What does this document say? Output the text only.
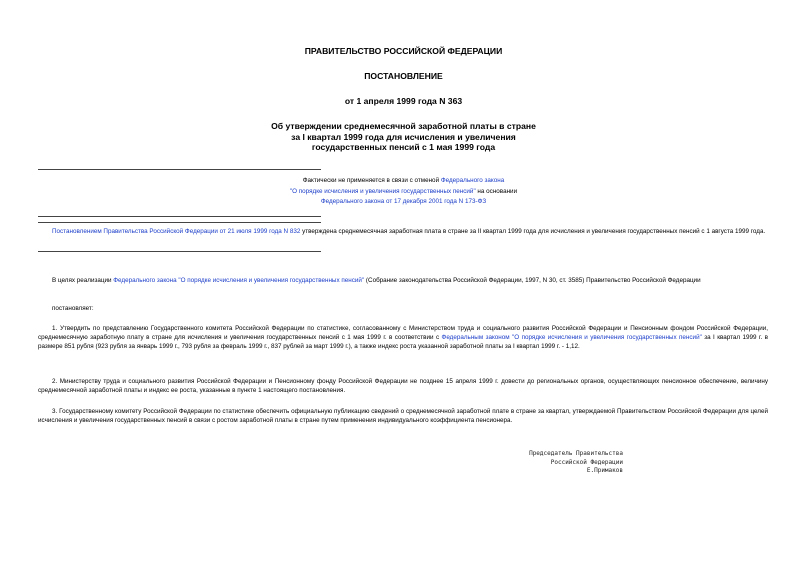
ПРАВИТЕЛЬСТВО РОССИЙСКОЙ ФЕДЕРАЦИИ
ПОСТАНОВЛЕНИЕ
от 1 апреля 1999 года N 363
Об утверждении среднемесячной заработной платы в стране
за I квартал 1999 года для исчисления и увеличения
государственных пенсий с 1 мая 1999 года
Фактически не применяется в связи с отменой Федерального закона
"О порядке исчисления и увеличения государственных пенсий" на основании
Федерального закона от 17 декабря 2001 года N 173-ФЗ
Постановлением Правительства Российской Федерации от 21 июля 1999 года N 832 утверждена среднемесячная заработная плата в стране за II квартал 1999 года для исчисления и увеличения государственных пенсий с 1 августа 1999 года.
В целях реализации Федерального закона "О порядке исчисления и увеличения государственных пенсий" (Собрание законодательства Российской Федерации, 1997, N 30, ст. 3585) Правительство Российской Федерации
постановляет:
1. Утвердить по представлению Государственного комитета Российской Федерации по статистике, согласованному с Министерством труда и социального развития Российской Федерации и Пенсионным фондом Российской Федерации, среднемесячную заработную плату в стране для исчисления и увеличения государственных пенсий с 1 мая 1999 г. в соответствии с Федеральным законом "О порядке исчисления и увеличения государственных пенсий" за I квартал 1999 г. в размере 851 рубля (923 рубля за январь 1999 г., 793 рубля за февраль 1999 г., 837 рублей за март 1999 г.), а также индекс роста указанной заработной платы за I квартал 1999 г. - 1,12.
2. Министерству труда и социального развития Российской Федерации и Пенсионному фонду Российской Федерации не позднее 15 апреля 1999 г. довести до региональных органов, осуществляющих пенсионное обеспечение, величину среднемесячной заработной платы и индекс ее роста, указанные в пункте 1 настоящего постановления.
3. Государственному комитету Российской Федерации по статистике обеспечить официальную публикацию сведений о среднемесячной заработной плате в стране за квартал, утверждаемой Правительством Российской Федерации для целей исчисления и увеличения государственных пенсий в связи с ростом заработной платы в стране путем применения индивидуального коэффициента пенсионера.
Председатель Правительства
Российской Федерации
Е.Примаков
